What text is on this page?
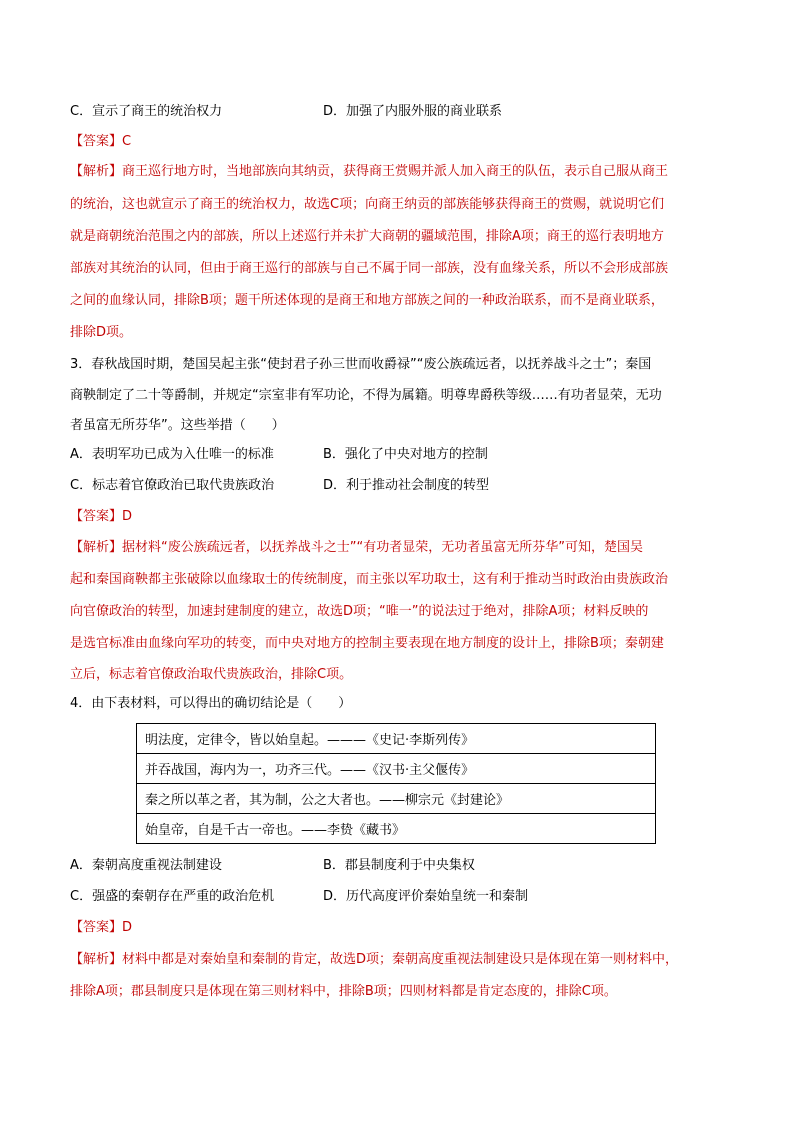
C．宣示了商王的统治权力	D．加强了内服外服的商业联系
【答案】C
【解析】商王巡行地方时，当地部族向其纳贡，获得商王赏赐并派人加入商王的队伍，表示自己服从商王
的统治，这也就宣示了商王的统治权力，故选C项；向商王纳贡的部族能够获得商王的赏赐，就说明它们
就是商朝统治范围之内的部族，所以上述巡行并未扩大商朝的疆域范围，排除A项；商王的巡行表明地方
部族对其统治的认同，但由于商王巡行的部族与自己不属于同一部族，没有血缘关系，所以不会形成部族
之间的血缘认同，排除B项；题干所述体现的是商王和地方部族之间的一种政治联系，而不是商业联系，
排除D项。
3．春秋战国时期，楚国吴起主张“使封君子孙三世而收爵禄”“废公族疏远者，以抚养战斗之士”；秦国
商鞅制定了二十等爵制，并规定“宗室非有军功论，不得为属籍。明尊卑爵秩等级……有功者显荣，无功
者虽富无所芬华”。这些举措（　　）
A．表明军功已成为入仕唯一的标准	B．强化了中央对地方的控制
C．标志着官僚政治已取代贵族政治	D．利于推动社会制度的转型
【答案】D
【解析】据材料“废公族疏远者，以抚养战斗之士”“有功者显荣，无功者虽富无所芬华”可知，楚国吴
起和秦国商鞅都主张破除以血缘取士的传统制度，而主张以军功取士，这有利于推动当时政治由贵族政治
向官僚政治的转型，加速封建制度的建立，故选D项；“唯一”的说法过于绝对，排除A项；材料反映的
是选官标准由血缘向军功的转变，而中央对地方的控制主要表现在地方制度的设计上，排除B项；秦朝建
立后，标志着官僚政治取代贵族政治，排除C项。
4．由下表材料，可以得出的确切结论是（　　）
明法度，定律令，皆以始皇起。———《史记·李斯列传》
并吞战国，海内为一，功齐三代。——《汉书·主父偃传》
秦之所以革之者，其为制，公之大者也。——柳宗元《封建论》
始皇帝，自是千古一帝也。——李贽《藏书》
A．秦朝高度重视法制建设	B．郡县制度利于中央集权
C．强盛的秦朝存在严重的政治危机	D．历代高度评价秦始皇统一和秦制
【答案】D
【解析】材料中都是对秦始皇和秦制的肯定，故选D项；秦朝高度重视法制建设只是体现在第一则材料中，
排除A项；郡县制度只是体现在第三则材料中，排除B项；四则材料都是肯定态度的，排除C项。
